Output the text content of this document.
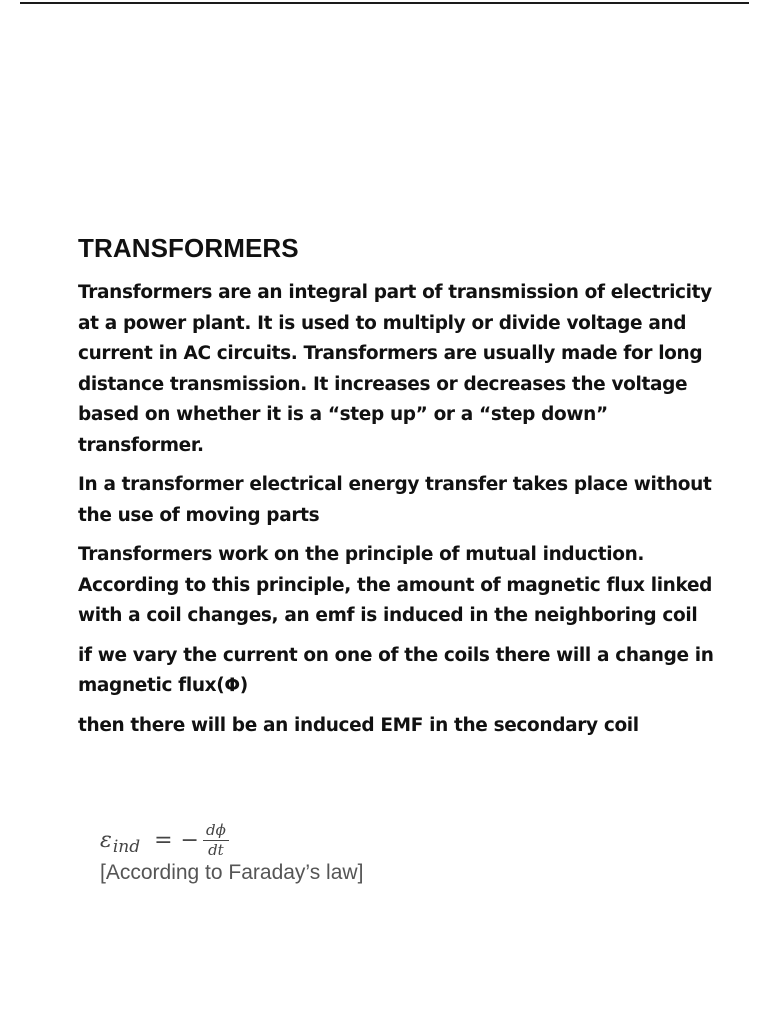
TRANSFORMERS

Transformers are an integral part of transmission of electricity at a power plant. It is used to multiply or divide voltage and current in AC circuits. Transformers are usually made for long distance transmission. It increases or decreases the voltage based on whether it is a “step up” or a “step down” transformer.

In a transformer electrical energy transfer takes place without the use of moving parts

Transformers work on the principle of mutual induction. According to this principle, the amount of magnetic flux linked with a coil changes, an emf is induced in the neighboring coil

if we vary the current on one of the coils there will a change in magnetic flux(Φ)

then there will be an induced EMF in the secondary coil

ε ind = − $\frac{d\phi}{dt}$
[According to Faraday’s law]
